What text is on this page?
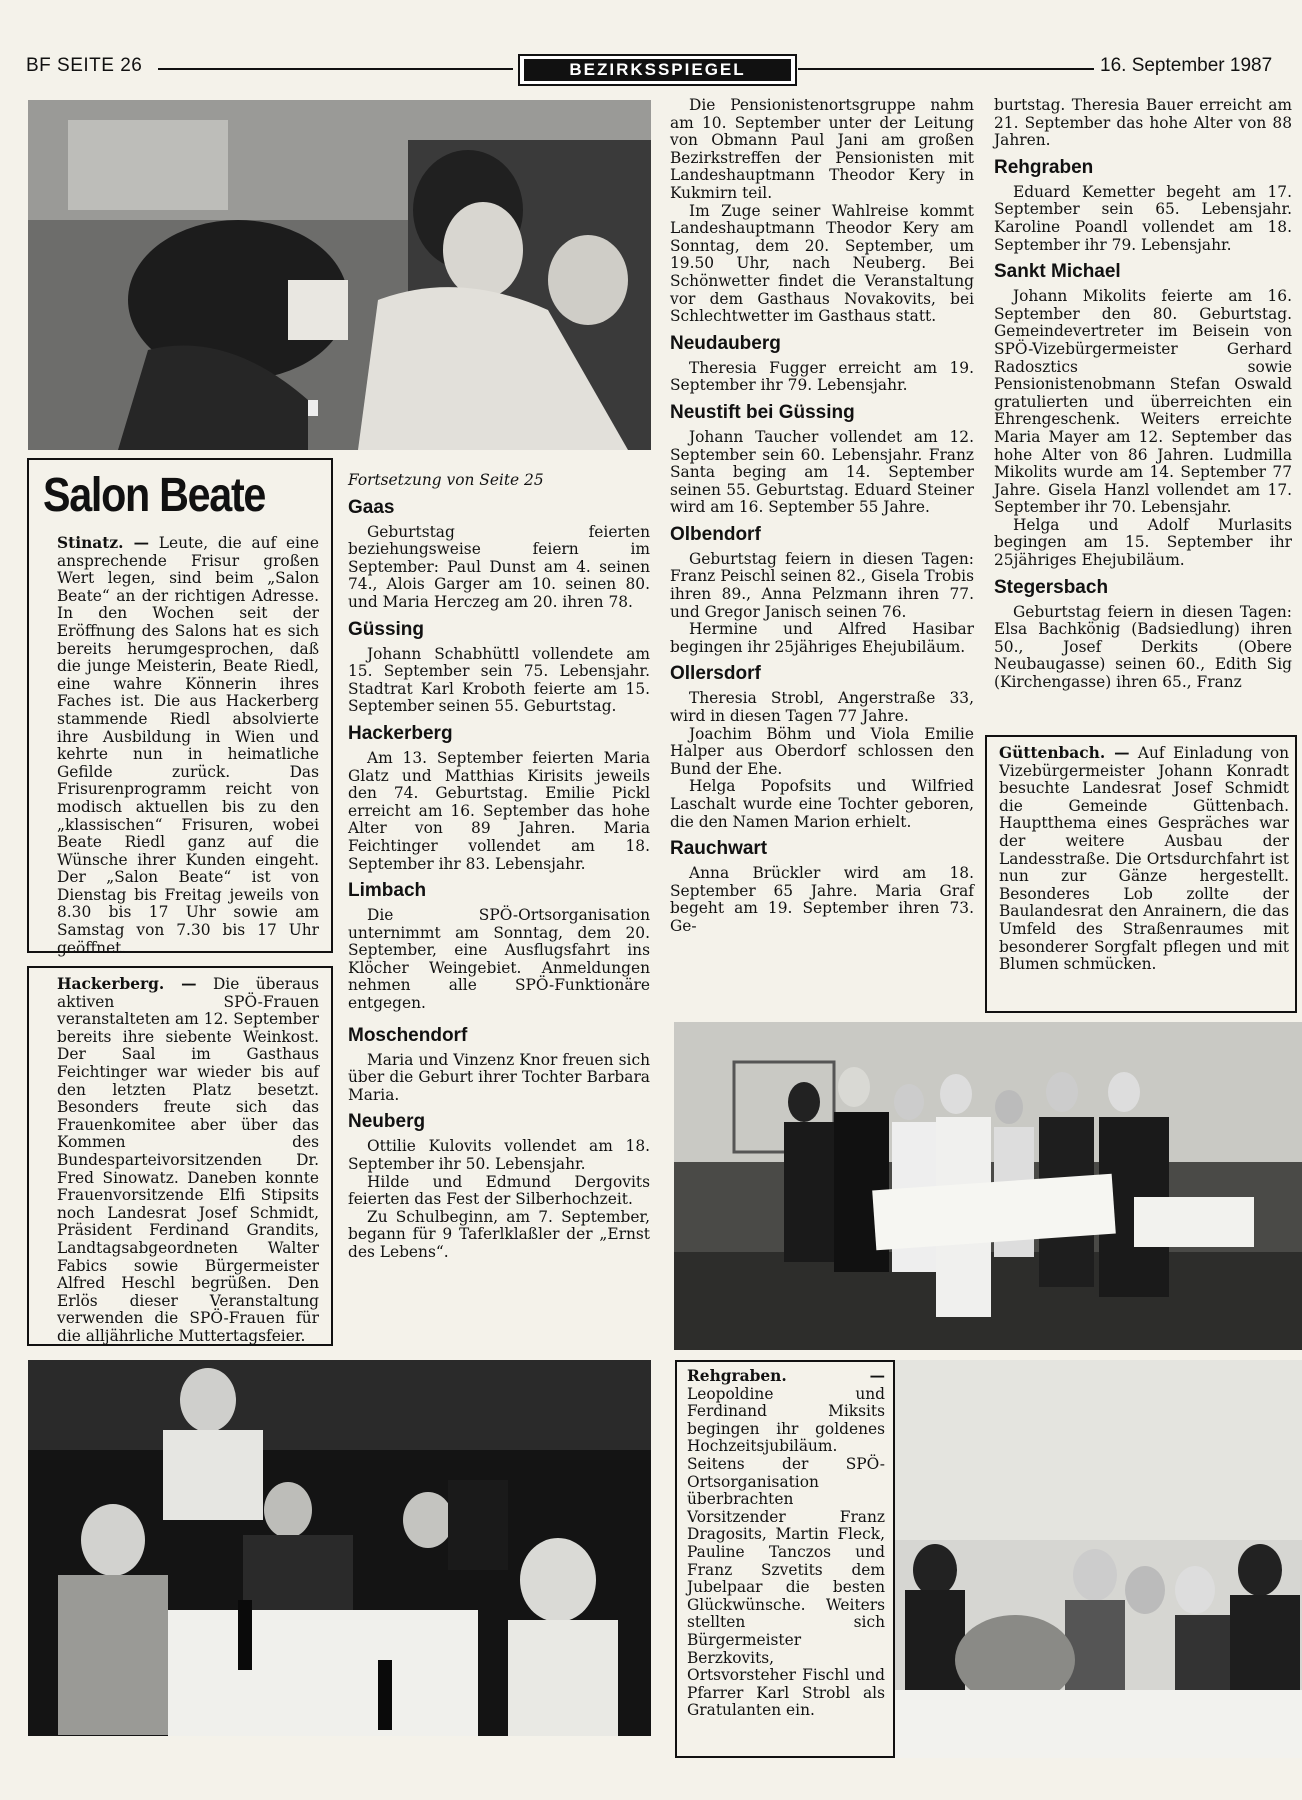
BF SEITE 26	BEZIRKSSPIEGEL	16. September 1987
Salon Beate

Stinatz. — Leute, die auf eine ansprechende Frisur großen Wert legen, sind beim „Salon Beate“ an der richtigen Adresse. In den Wochen seit der Eröffnung des Salons hat es sich bereits herumgesprochen, daß die junge Meisterin, Beate Riedl, eine wahre Könnerin ihres Faches ist. Die aus Hackerberg stammende Riedl absolvierte ihre Ausbildung in Wien und kehrte nun in heimatliche Gefilde zurück. Das Frisurenprogramm reicht von modisch aktuellen bis zu den „klassischen“ Frisuren, wobei Beate Riedl ganz auf die Wünsche ihrer Kunden eingeht. Der „Salon Beate“ ist von Dienstag bis Freitag jeweils von 8.30 bis 17 Uhr sowie am Samstag von 7.30 bis 17 Uhr geöffnet.

Hackerberg. — Die überaus aktiven SPÖ-Frauen veranstalteten am 12. September bereits ihre siebente Weinkost. Der Saal im Gasthaus Feichtinger war wieder bis auf den letzten Platz besetzt. Besonders freute sich das Frauenkomitee aber über das Kommen des Bundesparteivorsitzenden Dr. Fred Sinowatz. Daneben konnte Frauenvorsitzende Elfi Stipsits noch Landesrat Josef Schmidt, Präsident Ferdinand Grandits, Landtagsabgeordneten Walter Fabics sowie Bürgermeister Alfred Heschl begrüßen. Den Erlös dieser Veranstaltung verwenden die SPÖ-Frauen für die alljährliche Muttertagsfeier.

Fortsetzung von Seite 25

Gaas

Geburtstag feierten beziehungsweise feiern im September: Paul Dunst am 4. seinen 74., Alois Garger am 10. seinen 80. und Maria Herczeg am 20. ihren 78.

Güssing

Johann Schabhüttl vollendete am 15. September sein 75. Lebensjahr. Stadtrat Karl Kroboth feierte am 15. September seinen 55. Geburtstag.

Hackerberg

Am 13. September feierten Maria Glatz und Matthias Kirisits jeweils den 74. Geburtstag. Emilie Pickl erreicht am 16. September das hohe Alter von 89 Jahren. Maria Feichtinger vollendet am 18. September ihr 83. Lebensjahr.

Limbach

Die SPÖ-Ortsorganisation unternimmt am Sonntag, dem 20. September, eine Ausflugsfahrt ins Klöcher Weingebiet. Anmeldungen nehmen alle SPÖ-Funktionäre entgegen.

Moschendorf

Maria und Vinzenz Knor freuen sich über die Geburt ihrer Tochter Barbara Maria.

Neuberg

Ottilie Kulovits vollendet am 18. September ihr 50. Lebensjahr.

Hilde und Edmund Dergovits feierten das Fest der Silberhochzeit.

Zu Schulbeginn, am 7. September, begann für 9 Taferlklaßler der „Ernst des Lebens“.

Die Pensionistenortsgruppe nahm am 10. September unter der Leitung von Obmann Paul Jani am großen Bezirkstreffen der Pensionisten mit Landeshauptmann Theodor Kery in Kukmirn teil.

Im Zuge seiner Wahlreise kommt Landeshauptmann Theodor Kery am Sonntag, dem 20. September, um 19.50 Uhr, nach Neuberg. Bei Schönwetter findet die Veranstaltung vor dem Gasthaus Novakovits, bei Schlechtwetter im Gasthaus statt.

Neudauberg

Theresia Fugger erreicht am 19. September ihr 79. Lebensjahr.

Neustift bei Güssing

Johann Taucher vollendet am 12. September sein 60. Lebensjahr. Franz Santa beging am 14. September seinen 55. Geburtstag. Eduard Steiner wird am 16. September 55 Jahre.

Olbendorf

Geburtstag feiern in diesen Tagen: Franz Peischl seinen 82., Gisela Trobis ihren 89., Anna Pelzmann ihren 77. und Gregor Janisch seinen 76.

Hermine und Alfred Hasibar begingen ihr 25jähriges Ehejubiläum.

Ollersdorf

Theresia Strobl, Angerstraße 33, wird in diesen Tagen 77 Jahre.

Joachim Böhm und Viola Emilie Halper aus Oberdorf schlossen den Bund der Ehe.

Helga Popofsits und Wilfried Laschalt wurde eine Tochter geboren, die den Namen Marion erhielt.

Rauchwart

Anna Brückler wird am 18. September 65 Jahre. Maria Graf begeht am 19. September ihren 73. Ge-

burtstag. Theresia Bauer erreicht am 21. September das hohe Alter von 88 Jahren.

Rehgraben

Eduard Kemetter begeht am 17. September sein 65. Lebensjahr. Karoline Poandl vollendet am 18. September ihr 79. Lebensjahr.

Sankt Michael

Johann Mikolits feierte am 16. September den 80. Geburtstag. Gemeindevertreter im Beisein von SPÖ-Vizebürgermeister Gerhard Radosztics sowie Pensionistenobmann Stefan Oswald gratulierten und überreichten ein Ehrengeschenk. Weiters erreichte Maria Mayer am 12. September das hohe Alter von 86 Jahren. Ludmilla Mikolits wurde am 14. September 77 Jahre. Gisela Hanzl vollendet am 17. September ihr 70. Lebensjahr.

Helga und Adolf Murlasits begingen am 15. September ihr 25jähriges Ehejubiläum.

Stegersbach

Geburtstag feiern in diesen Tagen: Elsa Bachkönig (Badsiedlung) ihren 50., Josef Derkits (Obere Neubaugasse) seinen 60., Edith Sig (Kirchengasse) ihren 65., Franz

Güttenbach. — Auf Einladung von Vizebürgermeister Johann Konradt besuchte Landesrat Josef Schmidt die Gemeinde Güttenbach. Hauptthema eines Gespräches war der weitere Ausbau der Landesstraße. Die Ortsdurchfahrt ist nun zur Gänze hergestellt. Besonderes Lob zollte der Baulandesrat den Anrainern, die das Umfeld des Straßenraumes mit besonderer Sorgfalt pflegen und mit Blumen schmücken.

Rehgraben. — Leopoldine und Ferdinand Miksits begingen ihr goldenes Hochzeitsjubiläum. Seitens der SPÖ-Ortsorganisation überbrachten Vorsitzender Franz Dragosits, Martin Fleck, Pauline Tanczos und Franz Szvetits dem Jubelpaar die besten Glückwünsche. Weiters stellten sich Bürgermeister Berzkovits, Ortsvorsteher Fischl und Pfarrer Karl Strobl als Gratulanten ein.
